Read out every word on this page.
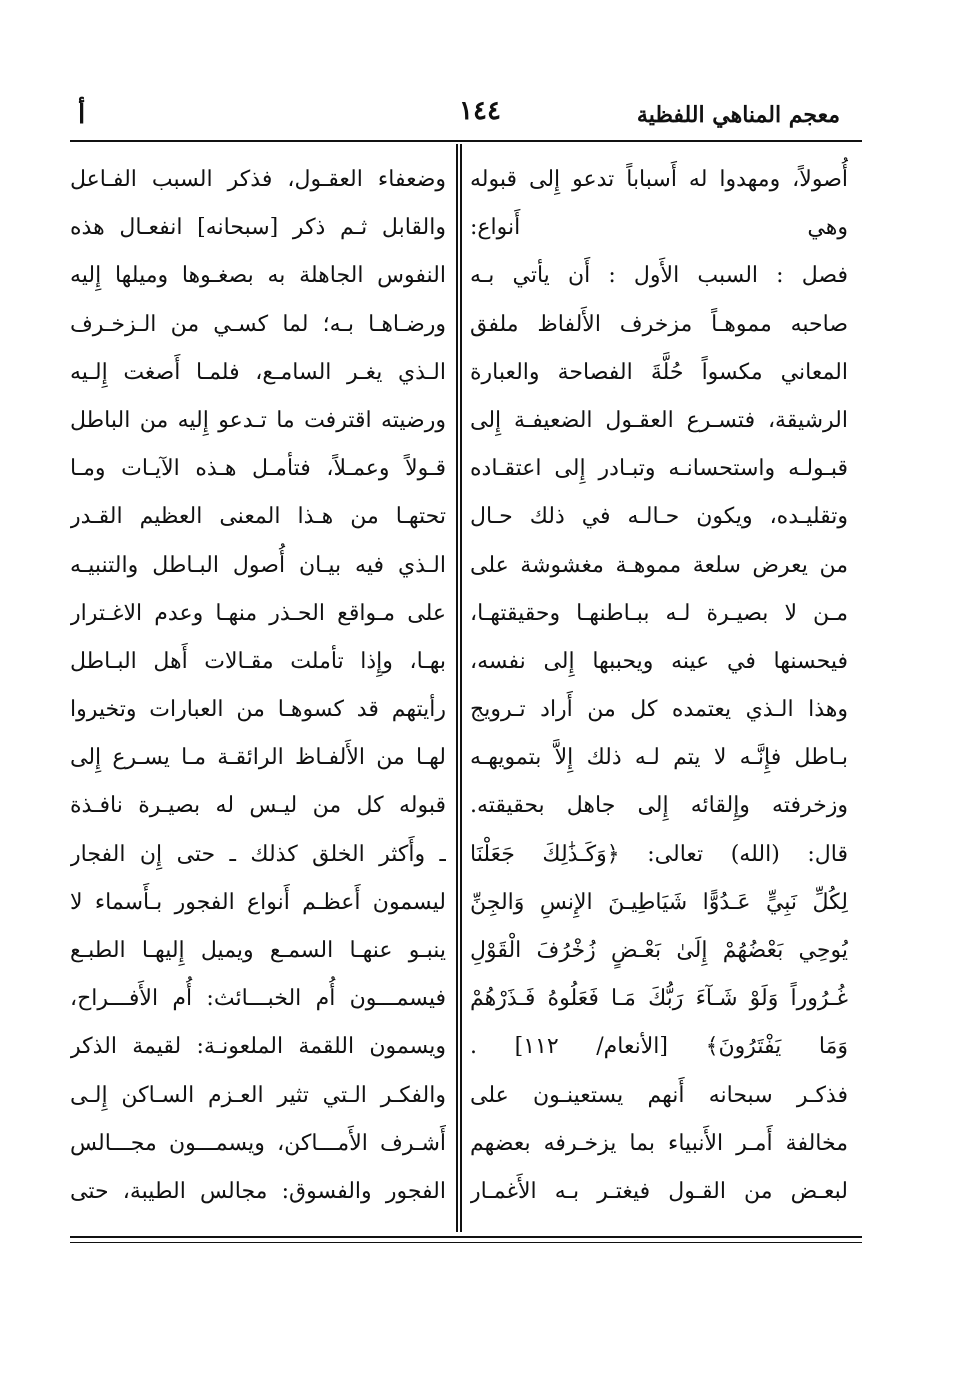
معجم المناهي اللفظية
١٤٤
أ
أُصولاً، ومهدوا له أَسباباً تدعو إِلى قبوله
وهي أَنواع:
فصل : السبب الأَول : أَن يأتي بـه
صاحبه مموهـاً مزخرف الأَلفاظ ملفق
المعاني مكسواً حُلَّةَ الفصاحة والعبارة
الرشيقة، فتسـرع العقـول الضعيفـة إِلى
قبـولـه واستحسانـه وتبـادر إِلى اعتقـاده
وتقليـده، ويكون حـالـه في ذلك حـال
من يعرض سلعة مموهـة مغشوشة على
مـن لا بصيـرة لـه ببـاطنهـا وحقيقتهـا،
فيحسنها في عينه ويحببها إِلى نفسه،
وهذا الـذي يعتمده كل من أَراد تـرويج
بـاطل فإِنَّـه لا يتم لـه ذلك إِلاَّ بتمويهـه
وزخرفته وإِلقائه إِلى جاهل بحقيقته.
قال: (الله) تعالى: ﴿وَكَـذَٰلِكَ جَعَلْنَا
لِكُلِّ نَبِيٍّ عَـدُوًّا شَيَاطِيـنَ الإِنسِ وَالجِنِّ
يُوحِي بَعْضُهُمْ إِلَىٰ بَعْـضٍ زُخْرُفَ الْقَوْلِ
غُـرُوراً وَلَوْ شَـآءَ رَبُّكَ مَـا فَعَلُوهُ فَـذَرْهُمْ
وَمَا يَفْتَرُونَ﴾ [الأنعام/ ١١٢] .
فذكـر سبحانه أَنهم يستعينـون على
مخالفة أَمـر الأَنبياء بما يزخـرفه بعضهم
لبعـض من القـول فيغتـر بـه الأَغمـار
وضعفاء العقـول، فذكر السبب الفـاعل
والقابل ثـم ذكر [سبحانه] انفعـال هذه
النفوس الجاهلة به بصغـوها وميلها إِليه
ورضـاهـا بـه؛ لما كسـي من الـزخـرف
الـذي يغـر السامـع، فلمـا أَصغت إِلـيه
ورضيته اقترفت ما تـدعو إِليه من الباطل
قـولاً وعمـلاً، فتأمـل هـذه الآيـات ومـا
تحتهـا من هـذا المعنى العظيم القـدر
الـذي فيه بيـان أُصول البـاطل والتنبيـه
على مـواقع الحـذر منهـا وعدم الاغـترار
بهـا، وإِذا تأملت مقـالات أَهل البـاطل
رأيتهم قد كسوهـا من العبارات وتخيروا
لهـا من الأَلفـاظ الرائقـة مـا يسـرع إِلى
قبوله كل من ليـس له بصيـرة نافـذة
ـ وأَكثر الخلق كذلك ـ حتى إِن الفجار
ليسمون أَعظـم أَنواع الفجور بـأَسماء لا
ينبـو عنهـا السمـع ويميل إِليهـا الطبـع
فيسمـــون أُم الخبـــائث: أُم الأَفـــراح،
ويسمون اللقمة الملعونـة: لقيمة الذكر
والفكـر الـتي تثير العـزم السـاكن إِلـى
أَشـرف الأَمـــاكن، ويسمـــون مجـــالس
الفجور والفسوق: مجالس الطيبة، حتى
